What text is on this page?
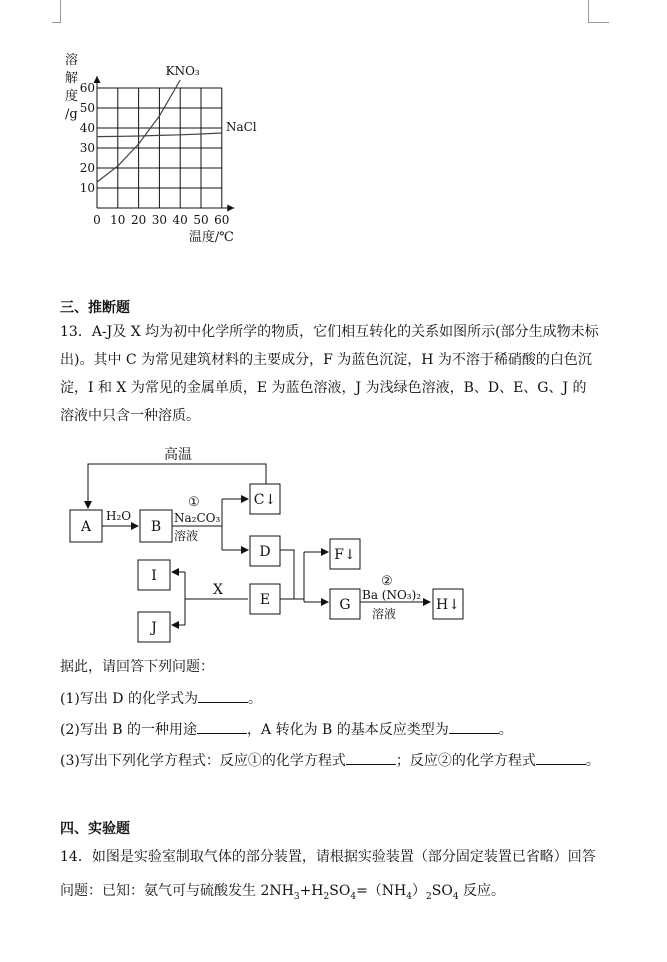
0 10 20 30 40 50 60
10
20
30
40
50
60
KNO₃
NaCl
溶
解
度
/g
温度/℃
三、推断题
13．A-J及 X 均为初中化学所学的物质，它们相互转化的关系如图所示(部分生成物未标出)。其中 C 为常见建筑材料的主要成分，F 为蓝色沉淀，H 为不溶于稀硝酸的白色沉淀，I 和 X 为常见的金属单质，E 为蓝色溶液，J 为浅绿色溶液，B、D、E、G、J 的溶液中只含一种溶质。
高温
A	B
C↓
D
E
F↓
G	H↓
I
J
X
H₂O
①
Na₂CO₃
溶液
②
Ba (NO₃)₂
溶液
据此，请回答下列问题：
(1)写出 D 的化学式为	。
(2)写出 B 的一种用途	，A 转化为 B 的基本反应类型为	。
(3)写出下列化学方程式：反应①的化学方程式	；反应②的化学方程式	。
四、实验题
14．如图是实验室制取气体的部分装置，请根据实验装置（部分固定装置已省略）回答
问题：已知：氨气可与硫酸发生 $2NH_3+H_2SO_4=(NH_4)_2SO_4$ 反应。
